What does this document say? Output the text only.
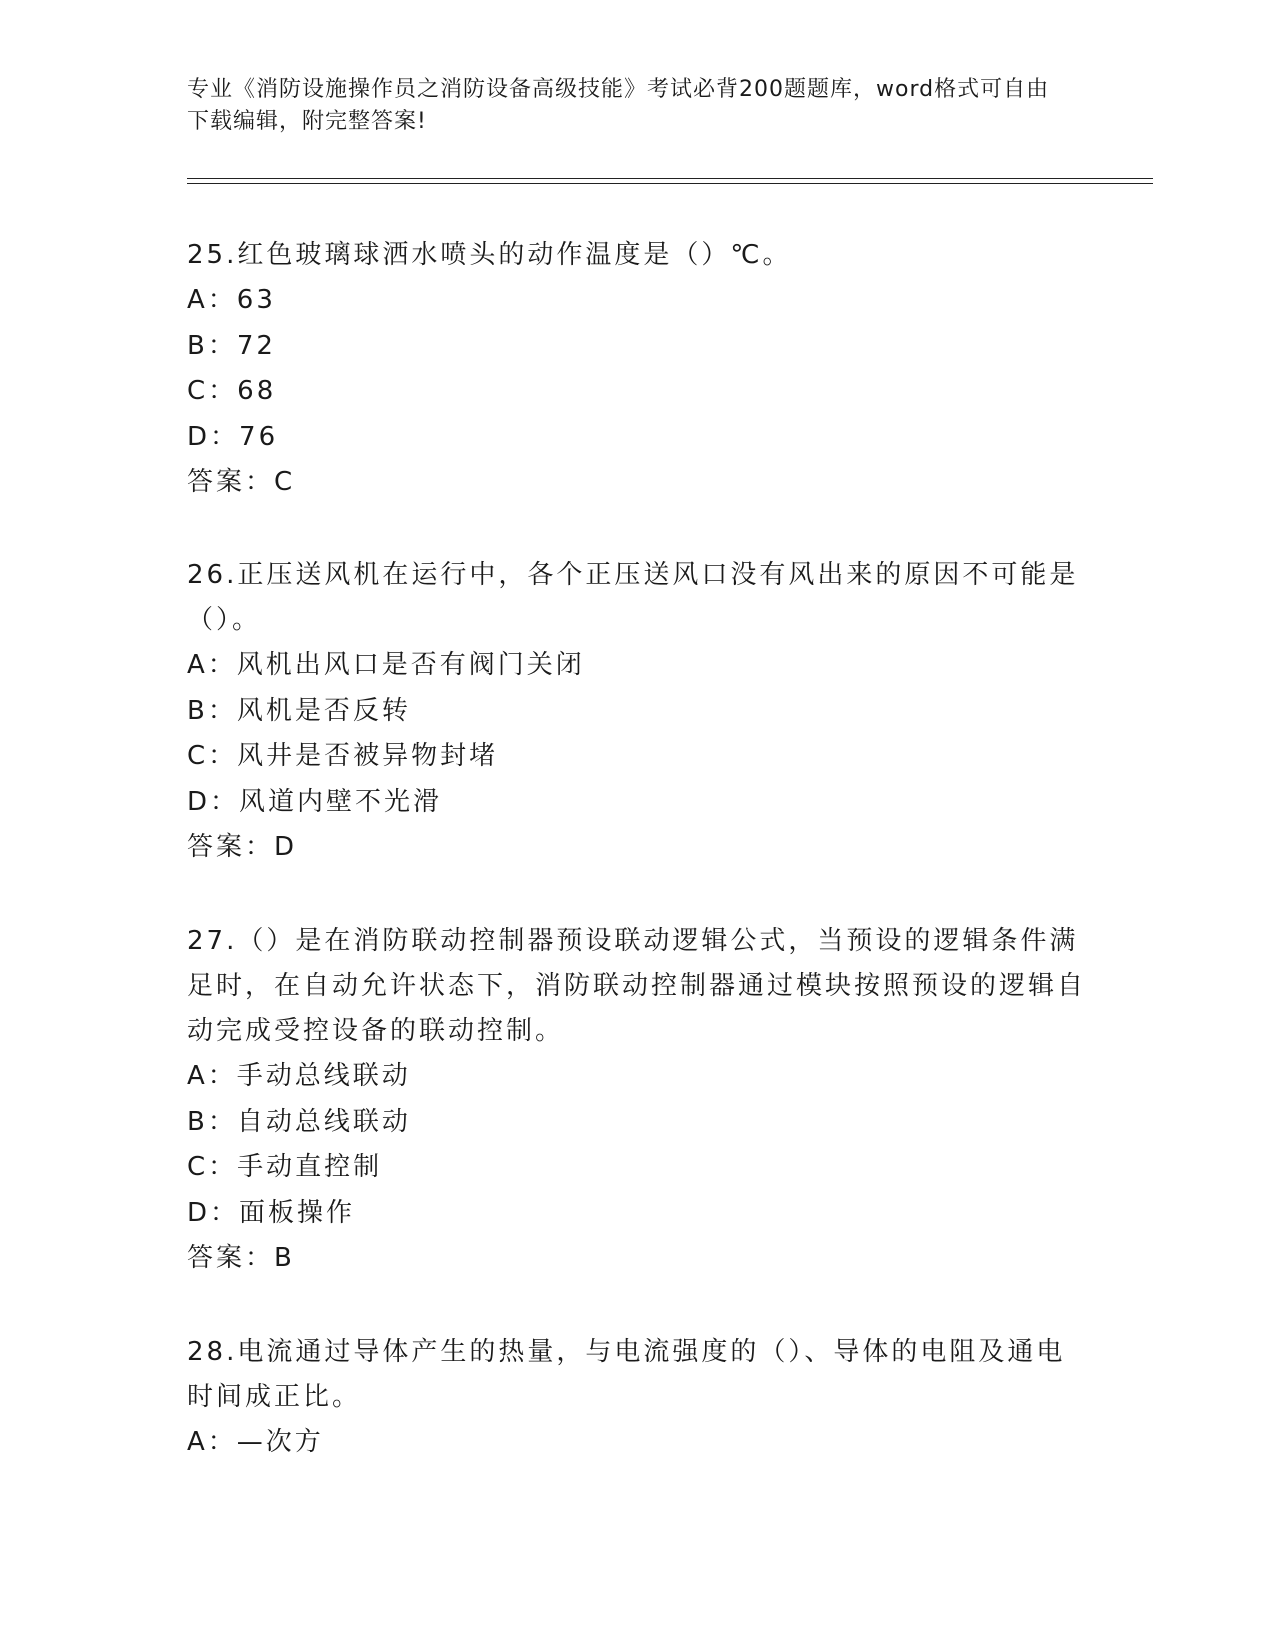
专业《消防设施操作员之消防设备高级技能》考试必背200题题库，word格式可自由下载编辑，附完整答案!

25.红色玻璃球洒水喷头的动作温度是（）℃。

A：63

B：72

C：68

D：76

答案：C

26.正压送风机在运行中，各个正压送风口没有风出来的原因不可能是（）。

A：风机出风口是否有阀门关闭

B：风机是否反转

C：风井是否被异物封堵

D：风道内壁不光滑

答案：D

27.（）是在消防联动控制器预设联动逻辑公式，当预设的逻辑条件满足时，在自动允许状态下，消防联动控制器通过模块按照预设的逻辑自动完成受控设备的联动控制。

A：手动总线联动

B：自动总线联动

C：手动直控制

D：面板操作

答案：B

28.电流通过导体产生的热量，与电流强度的（）、导体的电阻及通电时间成正比。

A：—次方
